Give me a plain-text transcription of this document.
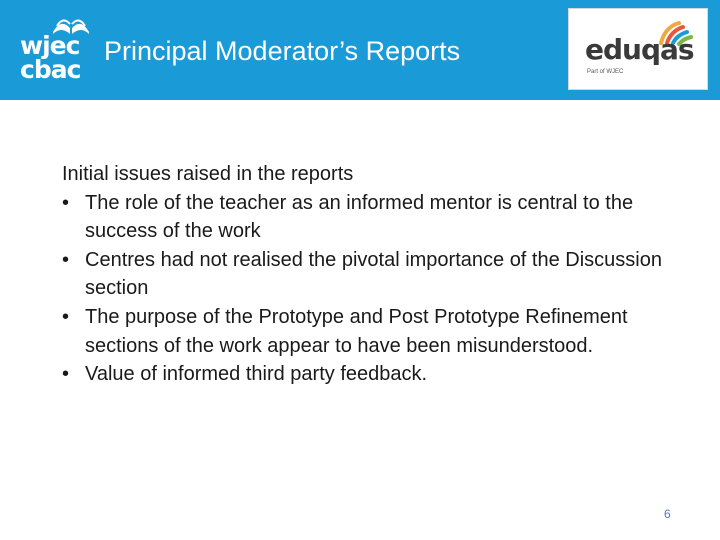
wjec
cbac
Principal Moderator’s Reports	eduqas
Part of WJEC

Initial issues raised in the reports

• The role of the teacher as an informed mentor is central to the success of the work
• Centres had not realised the pivotal importance of the Discussion section
• The purpose of the Prototype and Post Prototype Refinement sections of the work appear to have been misunderstood.
• Value of informed third party feedback.
6
